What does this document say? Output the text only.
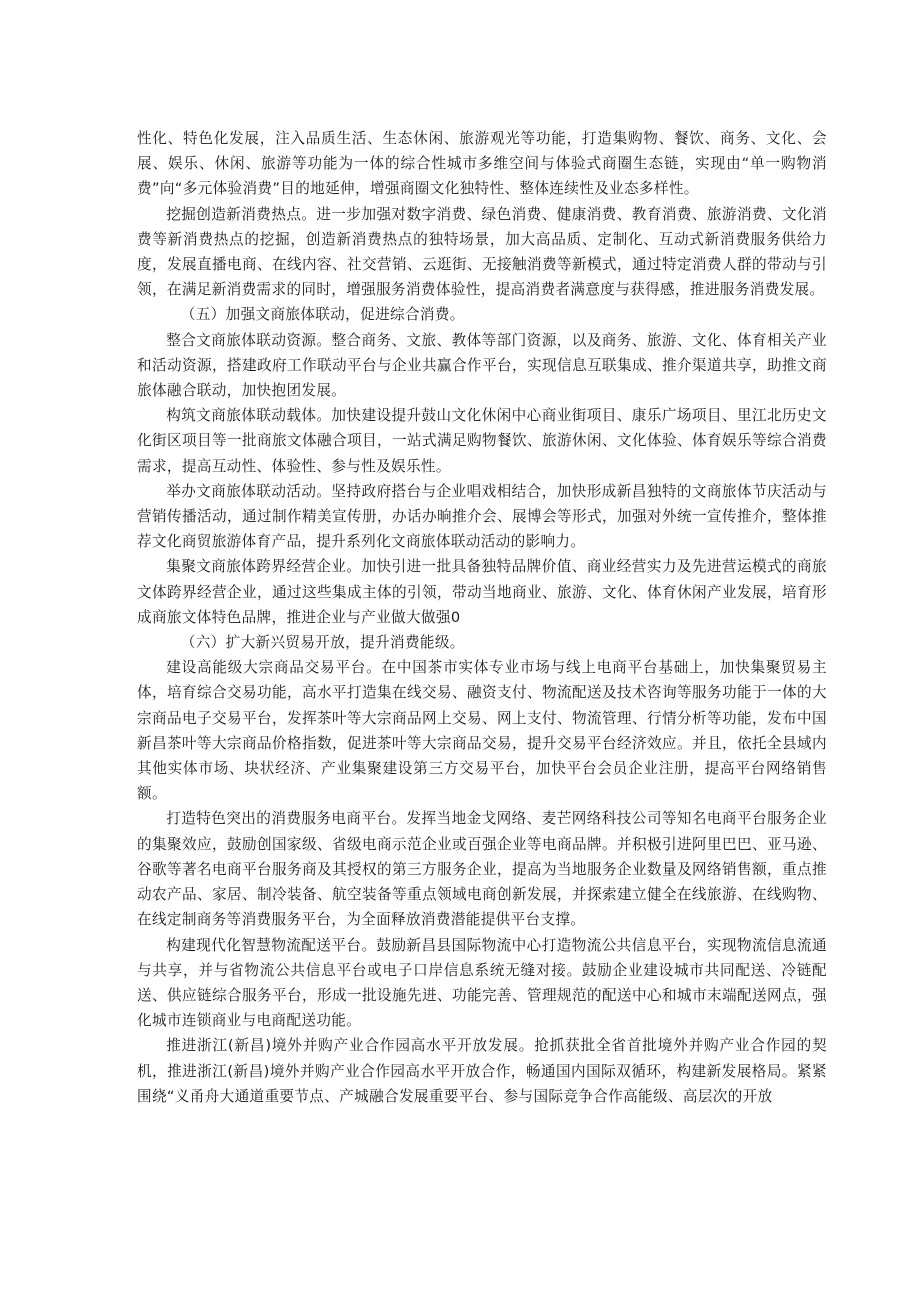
性化、特色化发展，注入品质生活、生态休闲、旅游观光等功能，打造集购物、餐饮、商务、文化、会展、娱乐、休闲、旅游等功能为一体的综合性城市多维空间与体验式商圈生态链，实现由“单一购物消费”向“多元体验消费”目的地延伸，增强商圈文化独特性、整体连续性及业态多样性。

挖掘创造新消费热点。进一步加强对数字消费、绿色消费、健康消费、教育消费、旅游消费、文化消费等新消费热点的挖掘，创造新消费热点的独特场景，加大高品质、定制化、互动式新消费服务供给力度，发展直播电商、在线内容、社交营销、云逛街、无接触消费等新模式，通过特定消费人群的带动与引领，在满足新消费需求的同时，增强服务消费体验性，提高消费者满意度与获得感，推进服务消费发展。

（五）加强文商旅体联动，促进综合消费。

整合文商旅体联动资源。整合商务、文旅、教体等部门资源，以及商务、旅游、文化、体育相关产业和活动资源，搭建政府工作联动平台与企业共赢合作平台，实现信息互联集成、推介渠道共享，助推文商旅体融合联动，加快抱团发展。

构筑文商旅体联动载体。加快建设提升鼓山文化休闲中心商业街项目、康乐广场项目、里江北历史文化街区项目等一批商旅文体融合项目，一站式满足购物餐饮、旅游休闲、文化体验、体育娱乐等综合消费需求，提高互动性、体验性、参与性及娱乐性。

举办文商旅体联动活动。坚持政府搭台与企业唱戏相结合，加快形成新昌独特的文商旅体节庆活动与营销传播活动，通过制作精美宣传册，办话办晌推介会、展博会等形式，加强对外统一宣传推介，整体推荐文化商贸旅游体育产品，提升系列化文商旅体联动活动的影响力。

集聚文商旅体跨界经营企业。加快引进一批具备独特品牌价值、商业经营实力及先进营运模式的商旅文体跨界经营企业，通过这些集成主体的引领，带动当地商业、旅游、文化、体育休闲产业发展，培育形成商旅文体特色品牌，推进企业与产业做大做强0

（六）扩大新兴贸易开放，提升消费能级。

建设高能级大宗商品交易平台。在中国茶市实体专业市场与线上电商平台基础上，加快集聚贸易主体，培育综合交易功能，高水平打造集在线交易、融资支付、物流配送及技术咨询等服务功能于一体的大宗商品电子交易平台，发挥茶叶等大宗商品网上交易、网上支付、物流管理、行情分析等功能，发布中国新昌茶叶等大宗商品价格指数，促进茶叶等大宗商品交易，提升交易平台经济效应。并且，依托全县域内其他实体市场、块状经济、产业集聚建设第三方交易平台，加快平台会员企业注册，提高平台网络销售额。

打造特色突出的消费服务电商平台。发挥当地金戈网络、麦芒网络科技公司等知名电商平台服务企业的集聚效应，鼓励创国家级、省级电商示范企业或百强企业等电商品牌。并积极引进阿里巴巴、亚马逊、谷歌等著名电商平台服务商及其授权的第三方服务企业，提高为当地服务企业数量及网络销售额，重点推动农产品、家居、制冷装备、航空装备等重点领域电商创新发展，并探索建立健全在线旅游、在线购物、在线定制商务等消费服务平台，为全面释放消费潜能提供平台支撑。

构建现代化智慧物流配送平台。鼓励新昌县国际物流中心打造物流公共信息平台，实现物流信息流通与共享，并与省物流公共信息平台或电子口岸信息系统无缝对接。鼓励企业建设城市共同配送、冷链配送、供应链综合服务平台，形成一批设施先进、功能完善、管理规范的配送中心和城市末端配送网点，强化城市连锁商业与电商配送功能。

推进浙江(新昌)境外并购产业合作园高水平开放发展。抢抓获批全省首批境外并购产业合作园的契机，推进浙江(新昌)境外并购产业合作园高水平开放合作，畅通国内国际双循环，构建新发展格局。紧紧围绕“义甬舟大通道重要节点、产城融合发展重要平台、参与国际竞争合作高能级、高层次的开放
